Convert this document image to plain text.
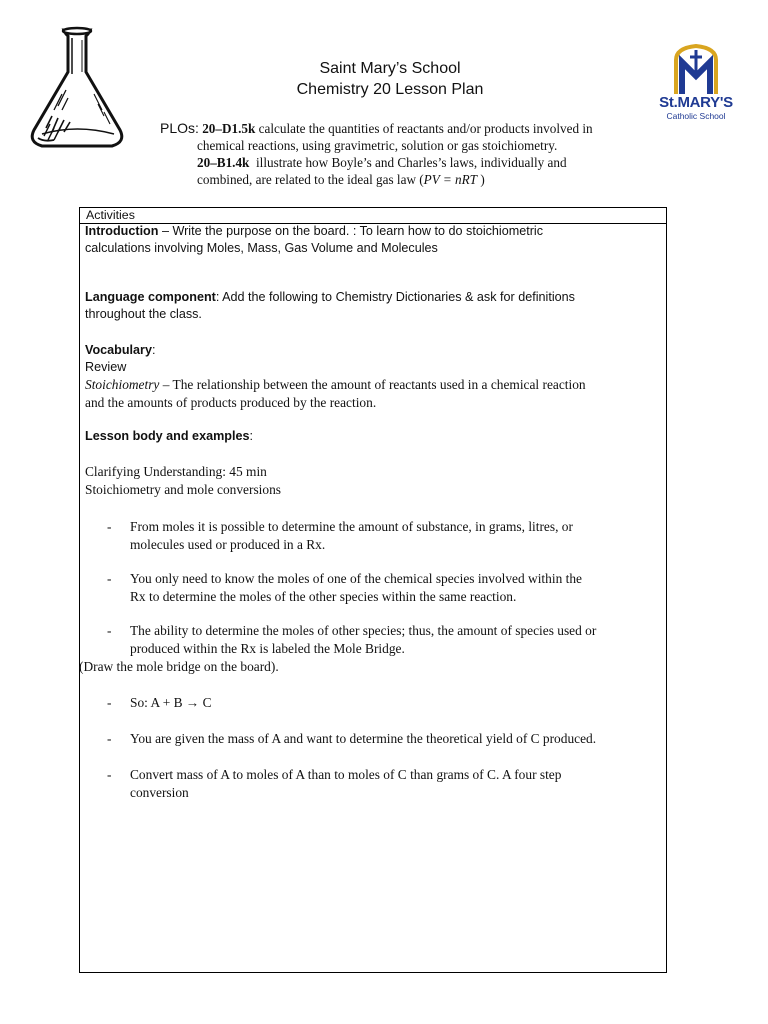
St.MARY'S
Catholic School
Saint Mary’s School
Chemistry 20 Lesson Plan
PLOs: 20–D1.5k calculate the quantities of reactants and/or products involved in
chemical reactions, using gravimetric, solution or gas stoichiometry.
20–B1.4k illustrate how Boyle’s and Charles’s laws, individually and
combined, are related to the ideal gas law (PV = nRT )
Activities
Introduction – Write the purpose on the board. : To learn how to do stoichiometric
calculations involving Moles, Mass, Gas Volume and Molecules
Language component: Add the following to Chemistry Dictionaries & ask for definitions
throughout the class.
Vocabulary:
Review
Stoichiometry – The relationship between the amount of reactants used in a chemical reaction
and the amounts of products produced by the reaction.
Lesson body and examples:
Clarifying Understanding: 45 min
Stoichiometry and mole conversions
- From moles it is possible to determine the amount of substance, in grams, litres, or
molecules used or produced in a Rx.
- You only need to know the moles of one of the chemical species involved within the
Rx to determine the moles of the other species within the same reaction.
- The ability to determine the moles of other species; thus, the amount of species used or
produced within the Rx is labeled the Mole Bridge.
(Draw the mole bridge on the board).
- So: A + B → C
- You are given the mass of A and want to determine the theoretical yield of C produced.
- Convert mass of A to moles of A than to moles of C than grams of C. A four step
conversion
